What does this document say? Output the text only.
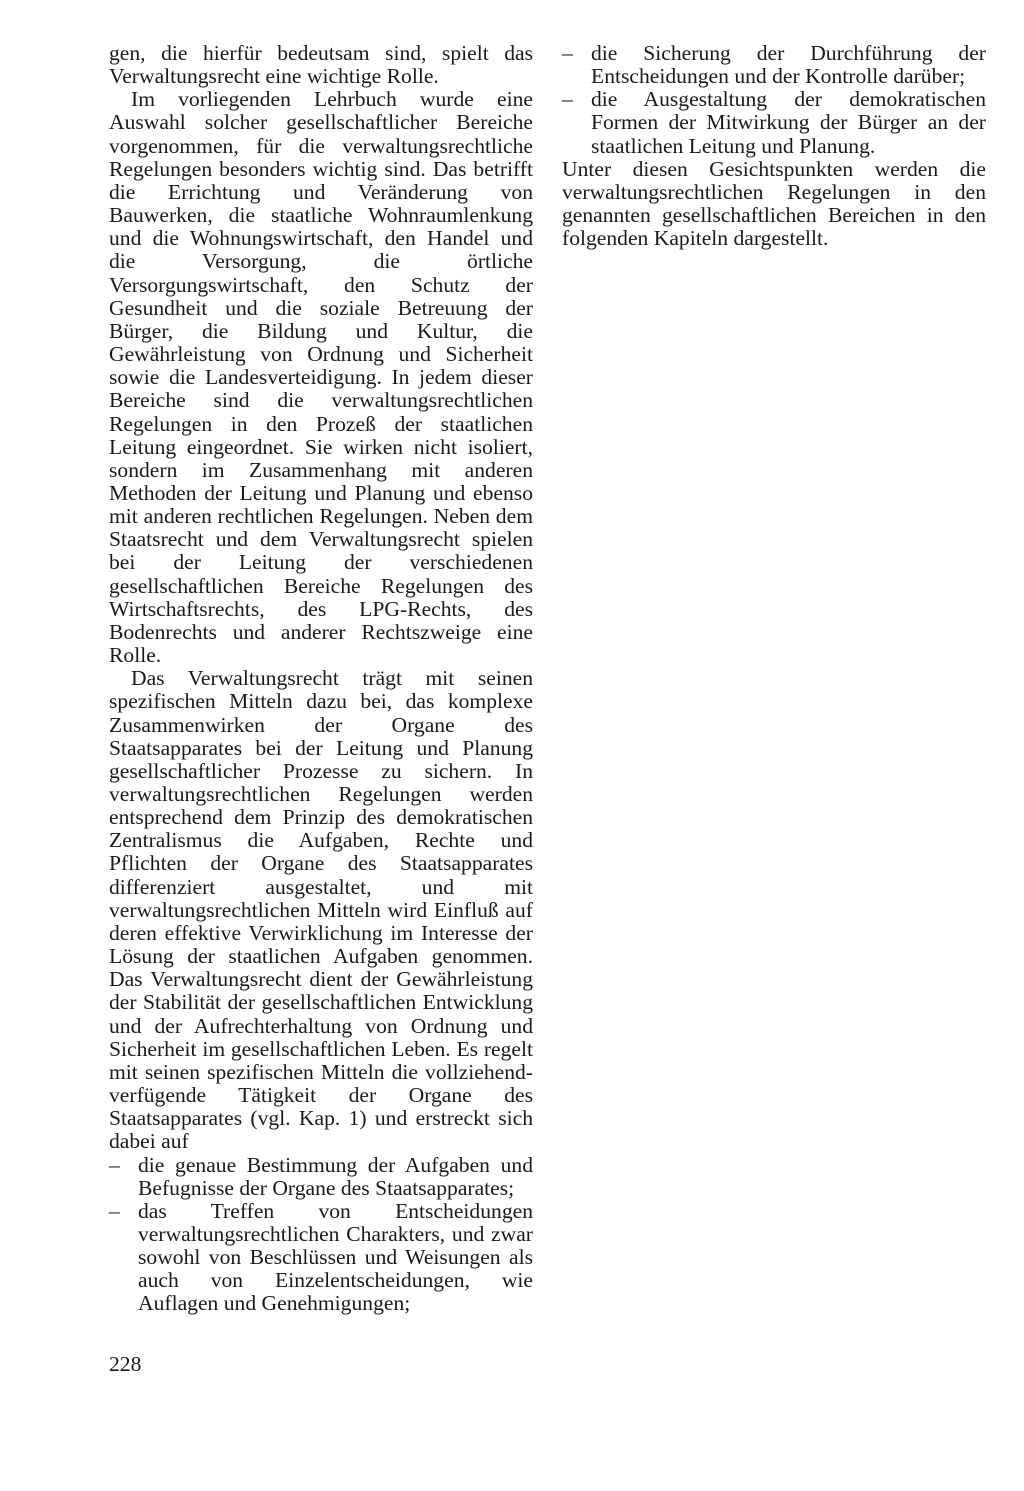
gen, die hierfür bedeutsam sind, spielt das Verwaltungsrecht eine wichtige Rolle.

Im vorliegenden Lehrbuch wurde eine Auswahl solcher gesellschaftlicher Bereiche vorgenommen, für die verwaltungsrechtliche Regelungen besonders wichtig sind. Das betrifft die Errichtung und Veränderung von Bauwerken, die staatliche Wohnraumlenkung und die Wohnungswirtschaft, den Handel und die Versorgung, die örtliche Versorgungswirtschaft, den Schutz der Gesundheit und die soziale Betreuung der Bürger, die Bildung und Kultur, die Gewährleistung von Ordnung und Sicherheit sowie die Landesverteidigung. In jedem dieser Bereiche sind die verwaltungsrechtlichen Regelungen in den Prozeß der staatlichen Leitung eingeordnet. Sie wirken nicht isoliert, sondern im Zusammenhang mit anderen Methoden der Leitung und Planung und ebenso mit anderen rechtlichen Regelungen. Neben dem Staatsrecht und dem Verwaltungsrecht spielen bei der Leitung der verschiedenen gesellschaftlichen Bereiche Regelungen des Wirtschaftsrechts, des LPG-Rechts, des Bodenrechts und anderer Rechtszweige eine Rolle.

Das Verwaltungsrecht trägt mit seinen spezifischen Mitteln dazu bei, das komplexe Zusammenwirken der Organe des Staatsapparates bei der Leitung und Planung gesellschaftlicher Prozesse zu sichern. In verwaltungsrechtlichen Regelungen werden entsprechend dem Prinzip des demokratischen Zentralismus die Aufgaben, Rechte und Pflichten der Organe des Staatsapparates differenziert ausgestaltet, und mit verwaltungsrechtlichen Mitteln wird Einfluß auf deren effektive Verwirklichung im Interesse der Lösung der staatlichen Aufgaben genommen. Das Verwaltungsrecht dient der Gewährleistung der Stabilität der gesellschaftlichen Entwicklung und der Aufrechterhaltung von Ordnung und Sicherheit im gesellschaftlichen Leben. Es regelt mit seinen spezifischen Mitteln die vollziehend-verfügende Tätigkeit der Organe des Staatsapparates (vgl. Kap. 1) und erstreckt sich dabei auf

– die genaue Bestimmung der Aufgaben und Befugnisse der Organe des Staatsapparates;
– das Treffen von Entscheidungen verwaltungsrechtlichen Charakters, und zwar sowohl von Beschlüssen und Weisungen als auch von Einzelentscheidungen, wie Auflagen und Genehmigungen;
– die Sicherung der Durchführung der Entscheidungen und der Kontrolle darüber;
– die Ausgestaltung der demokratischen Formen der Mitwirkung der Bürger an der staatlichen Leitung und Planung.

Unter diesen Gesichtspunkten werden die verwaltungsrechtlichen Regelungen in den genannten gesellschaftlichen Bereichen in den folgenden Kapiteln dargestellt.

228
